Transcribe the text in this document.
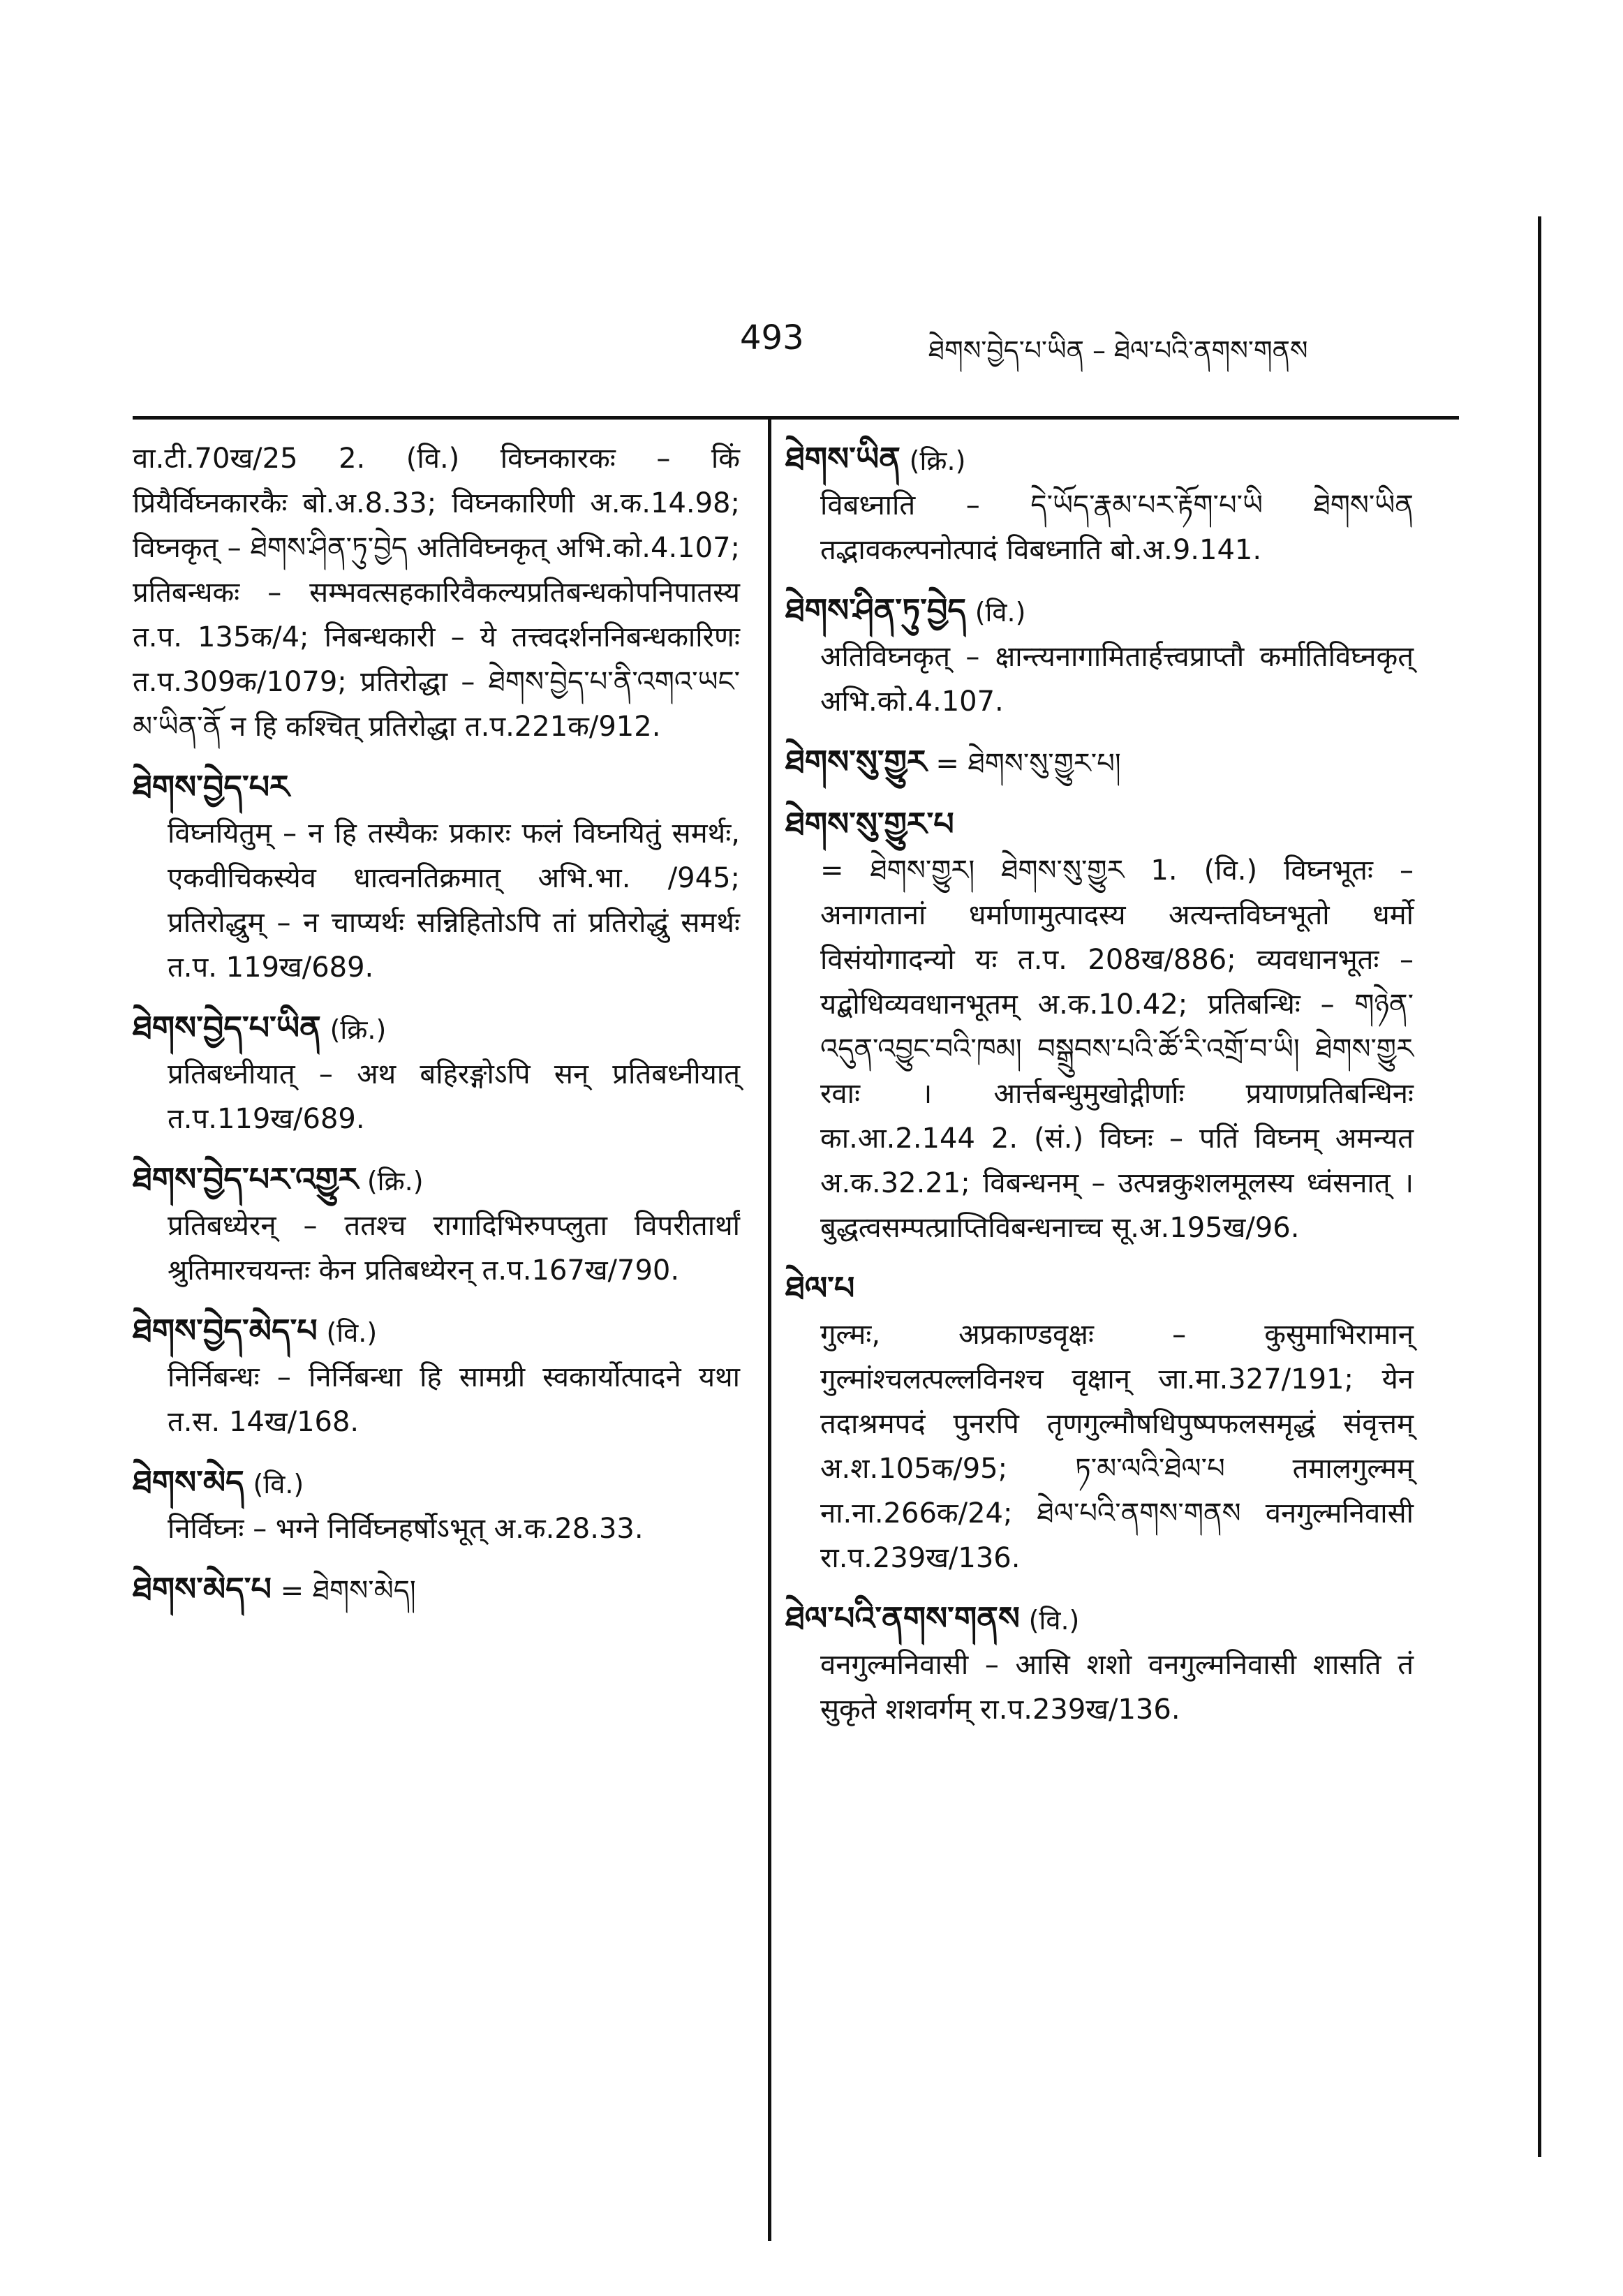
493	ཐེགས་བྱེད་པ་ཡིན – ཐེལ་པའི་ནགས་གནས
वा.टी.70ख/25 2. (वि.) विघ्नकारकः – किं प्रियैर्विघ्नकारकैः बो.अ.8.33; विघ्नकारिणी अ.क.14.98; विघ्नकृत् – ཐེགས་ཤིན་ཏུ་བྱེད अतिविघ्नकृत् अभि.को.4.107; प्रतिबन्धकः – सम्भवत्सहकारिवैकल्यप्रतिबन्धकोपनिपातस्य त.प. 135क/4; निबन्धकारी – ये तत्त्वदर्शननिबन्धकारिणः त.प.309क/1079; प्रतिरोद्धा – ཐེགས་བྱེད་པ་ནི་འགའ་ཡང་མ་ཡིན་ནོ न हि कश्चित् प्रतिरोद्धा त.प.221क/912.
ཐེགས་བྱེད་པར
विघ्नयितुम् – न हि तस्यैकः प्रकारः फलं विघ्नयितुं समर्थः, एकवीचिकस्येव धात्वनतिक्रमात् अभि.भा. /945; प्रतिरोद्धुम् – न चाप्यर्थः सन्निहितोऽपि तां प्रतिरोद्धुं समर्थः त.प. 119ख/689.
ཐེགས་བྱེད་པ་ཡིན (क्रि.)
प्रतिबध्नीयात् – अथ बहिरङ्गोऽपि सन् प्रतिबध्नीयात् त.प.119ख/689.
ཐེགས་བྱེད་པར་འགྱུར (क्रि.)
प्रतिबध्येरन् – ततश्च रागादिभिरुपप्लुता विपरीतार्थां श्रुतिमारचयन्तः केन प्रतिबध्येरन् त.प.167ख/790.
ཐེགས་བྱེད་མེད་པ (वि.)
निर्निबन्धः – निर्निबन्धा हि सामग्री स्वकार्योत्पादने यथा त.स. 14ख/168.
ཐེགས་མེད (वि.)
निर्विघ्नः – भग्ने निर्विघ्नहर्षोऽभूत् अ.क.28.33.
ཐེགས་མེད་པ = ཐེགས་མེད།
ཐེགས་ཡིན (क्रि.)
विबध्नाति – དེ་ཡོད་རྣམ་པར་རྟོག་པ་ཡི ཐེགས་ཡིན तद्भावकल्पनोत्पादं विबध्नाति बो.अ.9.141.
ཐེགས་ཤིན་ཏུ་བྱེད (वि.)
अतिविघ्नकृत् – क्षान्त्यनागामितार्हत्त्वप्राप्तौ कर्मातिविघ्नकृत् अभि.को.4.107.
ཐེགས་སུ་གྱུར = ཐེགས་སུ་གྱུར་པ།
ཐེགས་སུ་གྱུར་པ
= ཐེགས་གྱུར། ཐེགས་སུ་གྱུར 1. (वि.) विघ्नभूतः – अनागतानां धर्माणामुत्पादस्य अत्यन्तविघ्नभूतो धर्मो विसंयोगादन्यो यः त.प. 208ख/886; व्यवधानभूतः – यद्बोधिव्यवधानभूतम् अ.क.10.42; प्रतिबन्धिः – གཉེན་འདུན་འབྱུང་བའི་ཁམ། བསྒྲུབས་པའི་ཚོ་རི་འགྲོ་བ་ཡི། ཐེགས་གྱུར रवाः । आर्त्तबन्धुमुखोद्गीर्णाः प्रयाणप्रतिबन्धिनः का.आ.2.144 2. (सं.) विघ्नः – पतिं विघ्नम् अमन्यत अ.क.32.21; विबन्धनम् – उत्पन्नकुशलमूलस्य ध्वंसनात् । बुद्धत्वसम्पत्प्राप्तिविबन्धनाच्च सू.अ.195ख/96.
ཐེལ་པ
गुल्मः, अप्रकाण्डवृक्षः – कुसुमाभिरामान् गुल्मांश्चलत्पल्लविनश्च वृक्षान् जा.मा.327/191; येन तदाश्रमपदं पुनरपि तृणगुल्मौषधिपुष्पफलसमृद्धं संवृत्तम् अ.श.105क/95; ཏ་མ་ལའི་ཐེལ་པ तमालगुल्मम् ना.ना.266क/24; ཐེལ་པའི་ནགས་གནས वनगुल्मनिवासी रा.प.239ख/136.
ཐེལ་པའི་ནགས་གནས (वि.)
वनगुल्मनिवासी – आसि शशो वनगुल्मनिवासी शासति तं सुकृते शशवर्गम् रा.प.239ख/136.
